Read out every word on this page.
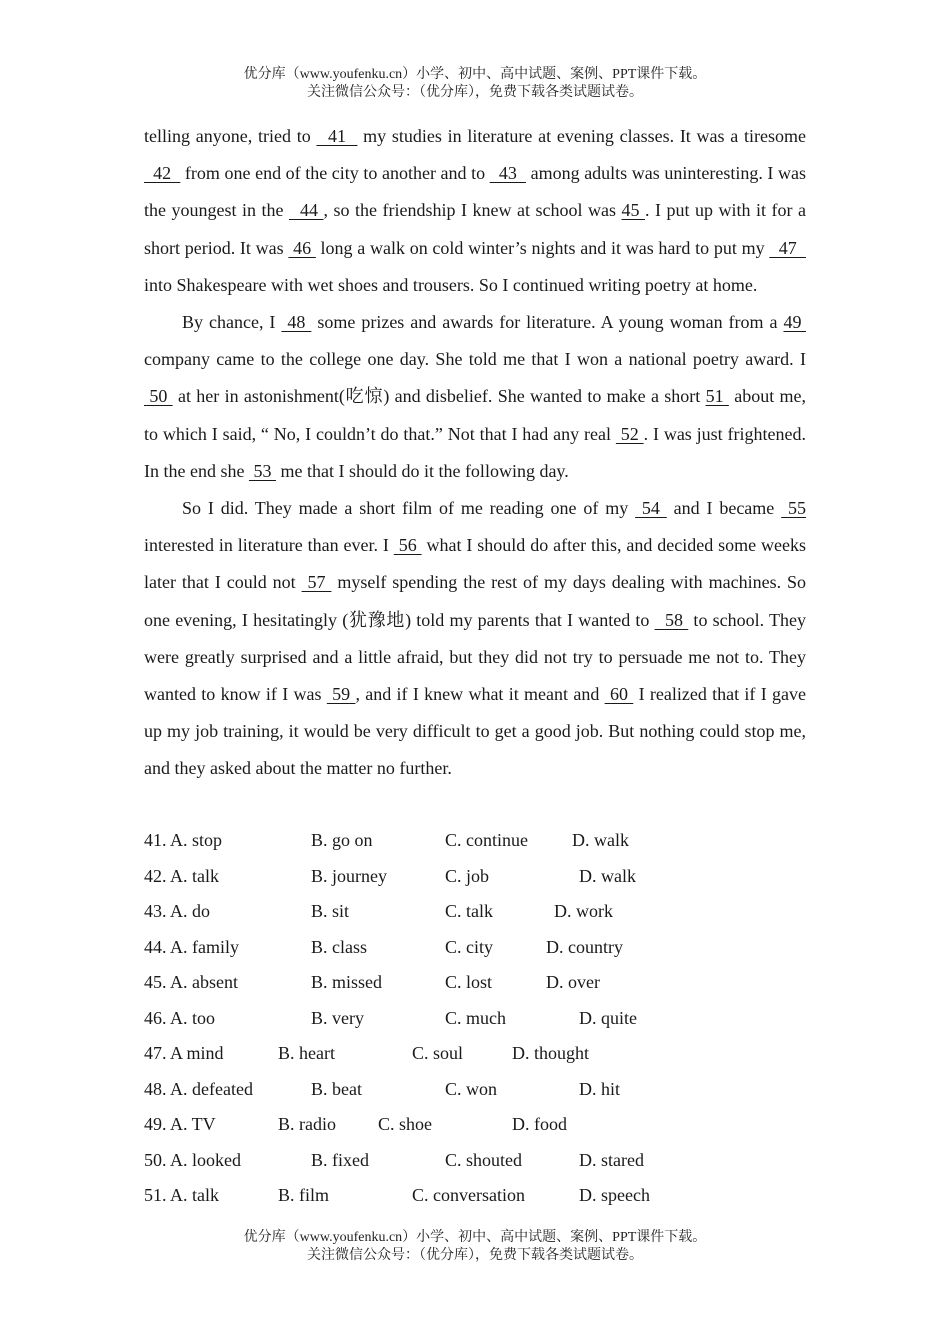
优分库（www.youfenku.cn）小学、初中、高中试题、案例、PPT课件下载。
关注微信公众号：（优分库），免费下载各类试题试卷。

telling anyone, tried to   41   my studies in literature at evening classes. It was a tiresome   42   from one end of the city to another and to   43   among adults was uninteresting. I was the youngest in the   44 , so the friendship I knew at school was 45 . I put up with it for a short period. It was  46  long a walk on cold winter’s nights and it was hard to put my   47   into Shakespeare with wet shoes and trousers. So I continued writing poetry at home.

By chance, I  48  some prizes and awards for literature. A young woman from a 49  company came to the college one day. She told me that I won a national poetry award. I  50  at her in astonishment(吃惊) and disbelief. She wanted to make a short 51  about me, to which I said, “ No, I couldn’t do that.” Not that I had any real  52 . I was just frightened. In the end she  53  me that I should do it the following day.

So I did. They made a short film of me reading one of my  54  and I became  55 interested in literature than ever. I  56  what I should do after this, and decided some weeks later that I could not  57  myself spending the rest of my days dealing with machines. So one evening, I hesitatingly (犹豫地) told my parents that I wanted to   58  to school. They were greatly surprised and a little afraid, but they did not try to persuade me not to. They wanted to know if I was  59 , and if I knew what it meant and  60  I realized that if I gave up my job training, it would be very difficult to get a good job. But nothing could stop me, and they asked about the matter no further.

41. A. stop	B. go on	C. continue D. walk
42. A. talk	B. journey	C. job	D. walk
43. A. do	B. sit	C. talk	D. work
44. A. family	B. class	C. city	D. country
45. A. absent	B. missed	C. lost	D. over
46. A. too	B. very	C. much	D. quite
47. A mind	B. heart	C. soul	D. thought
48. A. defeated	B. beat	C. won	D. hit
49. A. TV	B. radio C. shoe	D. food
50. A. looked	B. fixed	C. shouted	D. stared
51. A. talk	B. film	C. conversation	D. speech
优分库（www.youfenku.cn）小学、初中、高中试题、案例、PPT课件下载。
关注微信公众号：（优分库），免费下载各类试题试卷。
